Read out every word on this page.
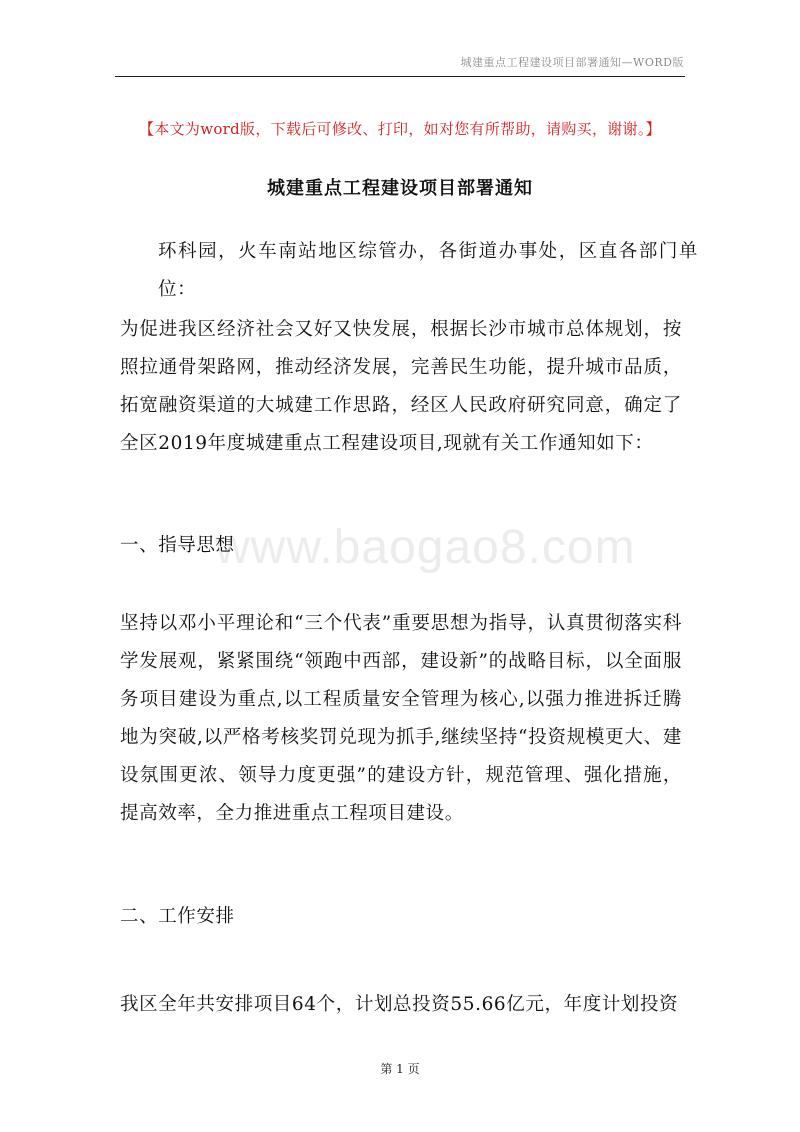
城建重点工程建设项目部署通知—WORD版
【本文为word版，下载后可修改、打印，如对您有所帮助，请购买，谢谢。】
www.baogao8.com
城建重点工程建设项目部署通知
环科园，火车南站地区综管办，各街道办事处，区直各部门单位：
为促进我区经济社会又好又快发展，根据长沙市城市总体规划，按照拉通骨架路网，推动经济发展，完善民生功能，提升城市品质，拓宽融资渠道的大城建工作思路，经区人民政府研究同意，确定了全区2019年度城建重点工程建设项目,现就有关工作通知如下：
一、指导思想
坚持以邓小平理论和“三个代表”重要思想为指导，认真贯彻落实科学发展观，紧紧围绕“领跑中西部，建设新”的战略目标，以全面服务项目建设为重点,以工程质量安全管理为核心,以强力推进拆迁腾地为突破,以严格考核奖罚兑现为抓手,继续坚持“投资规模更大、建设氛围更浓、领导力度更强”的建设方针，规范管理、强化措施，提高效率，全力推进重点工程项目建设。
二、工作安排
我区全年共安排项目64个，计划总投资55.66亿元，年度计划投资
第 1 页
